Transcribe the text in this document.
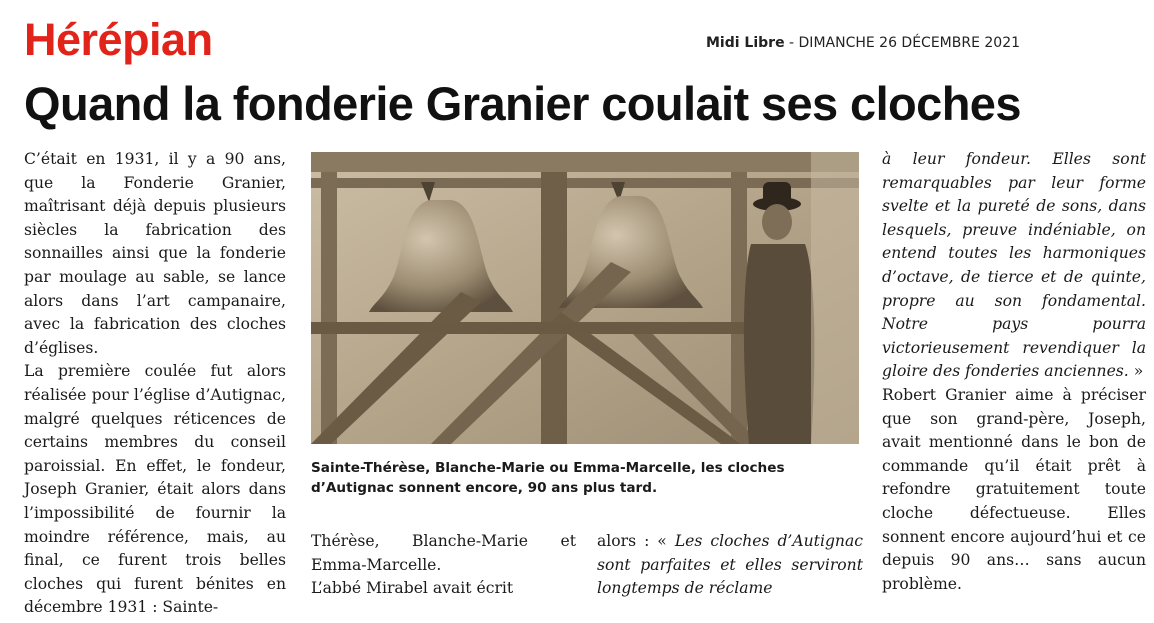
Hérépian	Midi Libre - DIMANCHE 26 DÉCEMBRE 2021
Quand la fonderie Granier coulait ses cloches

C’était en 1931, il y a 90 ans, que la Fonderie Granier, maîtrisant déjà depuis plusieurs siècles la fabrication des sonnailles ainsi que la fonderie par moulage au sable, se lance alors dans l’art campanaire, avec la fabrication des cloches d’églises.

La première coulée fut alors réalisée pour l’église d’Autignac, malgré quelques réticences de certains membres du conseil paroissial. En effet, le fondeur, Joseph Granier, était alors dans l’impossibilité de fournir la moindre référence, mais, au final, ce furent trois belles cloches qui furent bénites en décembre 1931 : Sainte-

Sainte-Thérèse, Blanche-Marie ou Emma-Marcelle, les cloches d’Autignac sonnent encore, 90 ans plus tard.

Thérèse, Blanche-Marie et Emma-Marcelle.

L’abbé Mirabel avait écrit

alors : « Les cloches d’Autignac sont parfaites et elles serviront longtemps de réclame

à leur fondeur. Elles sont remarquables par leur forme svelte et la pureté de sons, dans lesquels, preuve indéniable, on entend toutes les harmoniques d’octave, de tierce et de quinte, propre au son fondamental. Notre pays pourra victorieusement revendiquer la gloire des fonderies anciennes. »

Robert Granier aime à préciser que son grand-père, Joseph, avait mentionné dans le bon de commande qu’il était prêt à refondre gratuitement toute cloche défectueuse. Elles sonnent encore aujourd’hui et ce depuis 90 ans… sans aucun problème.
